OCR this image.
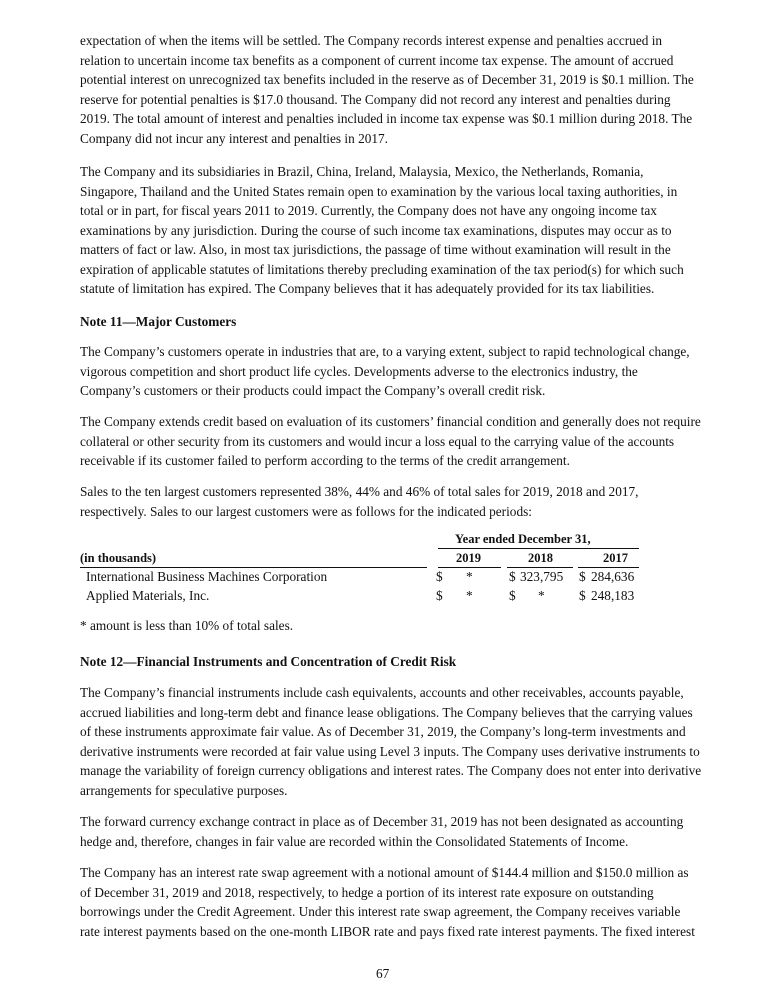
expectation of when the items will be settled. The Company records interest expense and penalties accrued in
relation to uncertain income tax benefits as a component of current income tax expense. The amount of accrued
potential interest on unrecognized tax benefits included in the reserve as of December 31, 2019 is $0.1 million. The
reserve for potential penalties is $17.0 thousand. The Company did not record any interest and penalties during
2019. The total amount of interest and penalties included in income tax expense was $0.1 million during 2018. The
Company did not incur any interest and penalties in 2017.
The Company and its subsidiaries in Brazil, China, Ireland, Malaysia, Mexico, the Netherlands, Romania,
Singapore, Thailand and the United States remain open to examination by the various local taxing authorities, in
total or in part, for fiscal years 2011 to 2019. Currently, the Company does not have any ongoing income tax
examinations by any jurisdiction. During the course of such income tax examinations, disputes may occur as to
matters of fact or law. Also, in most tax jurisdictions, the passage of time without examination will result in the
expiration of applicable statutes of limitations thereby precluding examination of the tax period(s) for which such
statute of limitation has expired. The Company believes that it has adequately provided for its tax liabilities.
Note 11—Major Customers
The Company’s customers operate in industries that are, to a varying extent, subject to rapid technological change,
vigorous competition and short product life cycles. Developments adverse to the electronics industry, the
Company’s customers or their products could impact the Company’s overall credit risk.
The Company extends credit based on evaluation of its customers’ financial condition and generally does not require
collateral or other security from its customers and would incur a loss equal to the carrying value of the accounts
receivable if its customer failed to perform according to the terms of the credit arrangement.
Sales to the ten largest customers represented 38%, 44% and 46% of total sales for 2019, 2018 and 2017,
respectively. Sales to our largest customers were as follows for the indicated periods:
Note 12—Financial Instruments and Concentration of Credit Risk
The Company’s financial instruments include cash equivalents, accounts and other receivables, accounts payable,
accrued liabilities and long-term debt and finance lease obligations. The Company believes that the carrying values
of these instruments approximate fair value. As of December 31, 2019, the Company’s long-term investments and
derivative instruments were recorded at fair value using Level 3 inputs. The Company uses derivative instruments to
manage the variability of foreign currency obligations and interest rates. The Company does not enter into derivative
arrangements for speculative purposes.
The forward currency exchange contract in place as of December 31, 2019 has not been designated as accounting
hedge and, therefore, changes in fair value are recorded within the Consolidated Statements of Income.
The Company has an interest rate swap agreement with a notional amount of $144.4 million and $150.0 million as
of December 31, 2019 and 2018, respectively, to hedge a portion of its interest rate exposure on outstanding
borrowings under the Credit Agreement. Under this interest rate swap agreement, the Company receives variable
rate interest payments based on the one-month LIBOR rate and pays fixed rate interest payments. The fixed interest
Year ended December 31,
(in thousands)	2019	2018	2017
International Business Machines Corporation	$ *	$ 323,795 $ 284,636
Applied Materials, Inc.	$ *	$ *	$ 248,183
* amount is less than 10% of total sales.
67
